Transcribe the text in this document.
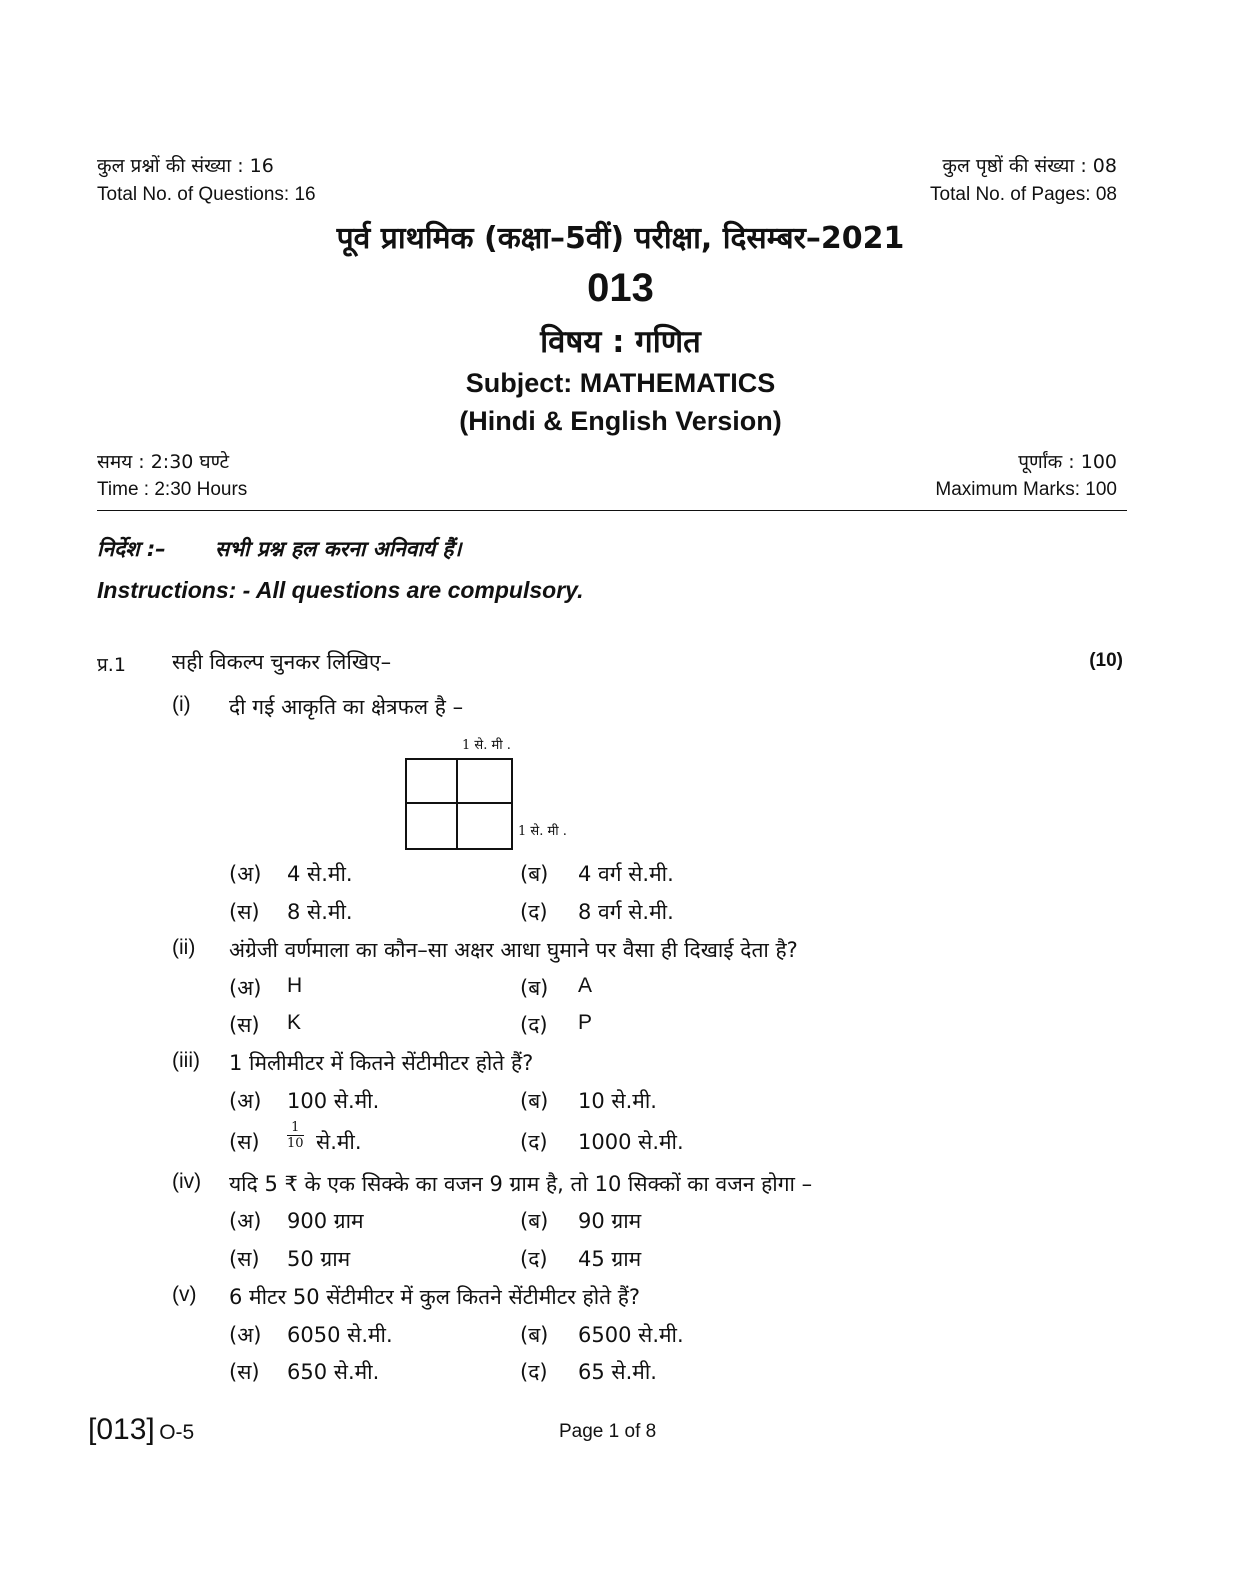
कुल प्रश्नों की संख्या : 16
Total No. of Questions: 16
कुल पृष्ठों की संख्या : 08
Total No. of Pages: 08
पूर्व प्राथमिक (कक्षा–5वीं) परीक्षा, दिसम्बर–2021
013
विषय : गणित
Subject: MATHEMATICS
(Hindi & English Version)
समय : 2:30 घण्टे
Time : 2:30 Hours
पूर्णांक : 100
Maximum Marks: 100
निर्देश :– सभी प्रश्न हल करना अनिवार्य हैं।
Instructions: - All questions are compulsory.
प्र.1 सही विकल्प चुनकर लिखिए–	(10)
(i) दी गई आकृति का क्षेत्रफल है –
1 से. मी .
1 से. मी .
(अ) 4 से.मी.	(ब) 4 वर्ग से.मी.
(स) 8 से.मी.	(द) 8 वर्ग से.मी.
(ii) अंग्रेजी वर्णमाला का कौन–सा अक्षर आधा घुमाने पर वैसा ही दिखाई देता है?
(अ) H	(ब) A
(स) K	(द) P
(iii) 1 मिलीमीटर में कितने सेंटीमीटर होते हैं?
(अ) 100 से.मी.	(ब) 10 से.मी.
(स) $\frac{1}{10}$ से.मी.	(द) 1000 से.मी.
(iv) यदि 5 ₹ के एक सिक्के का वजन 9 ग्राम है, तो 10 सिक्कों का वजन होगा –
(अ) 900 ग्राम	(ब) 90 ग्राम
(स) 50 ग्राम	(द) 45 ग्राम
(v) 6 मीटर 50 सेंटीमीटर में कुल कितने सेंटीमीटर होते हैं?
(अ) 6050 से.मी.	(ब) 6500 से.मी.
(स) 650 से.मी.	(द) 65 से.मी.
[013] O-5	Page 1 of 8
